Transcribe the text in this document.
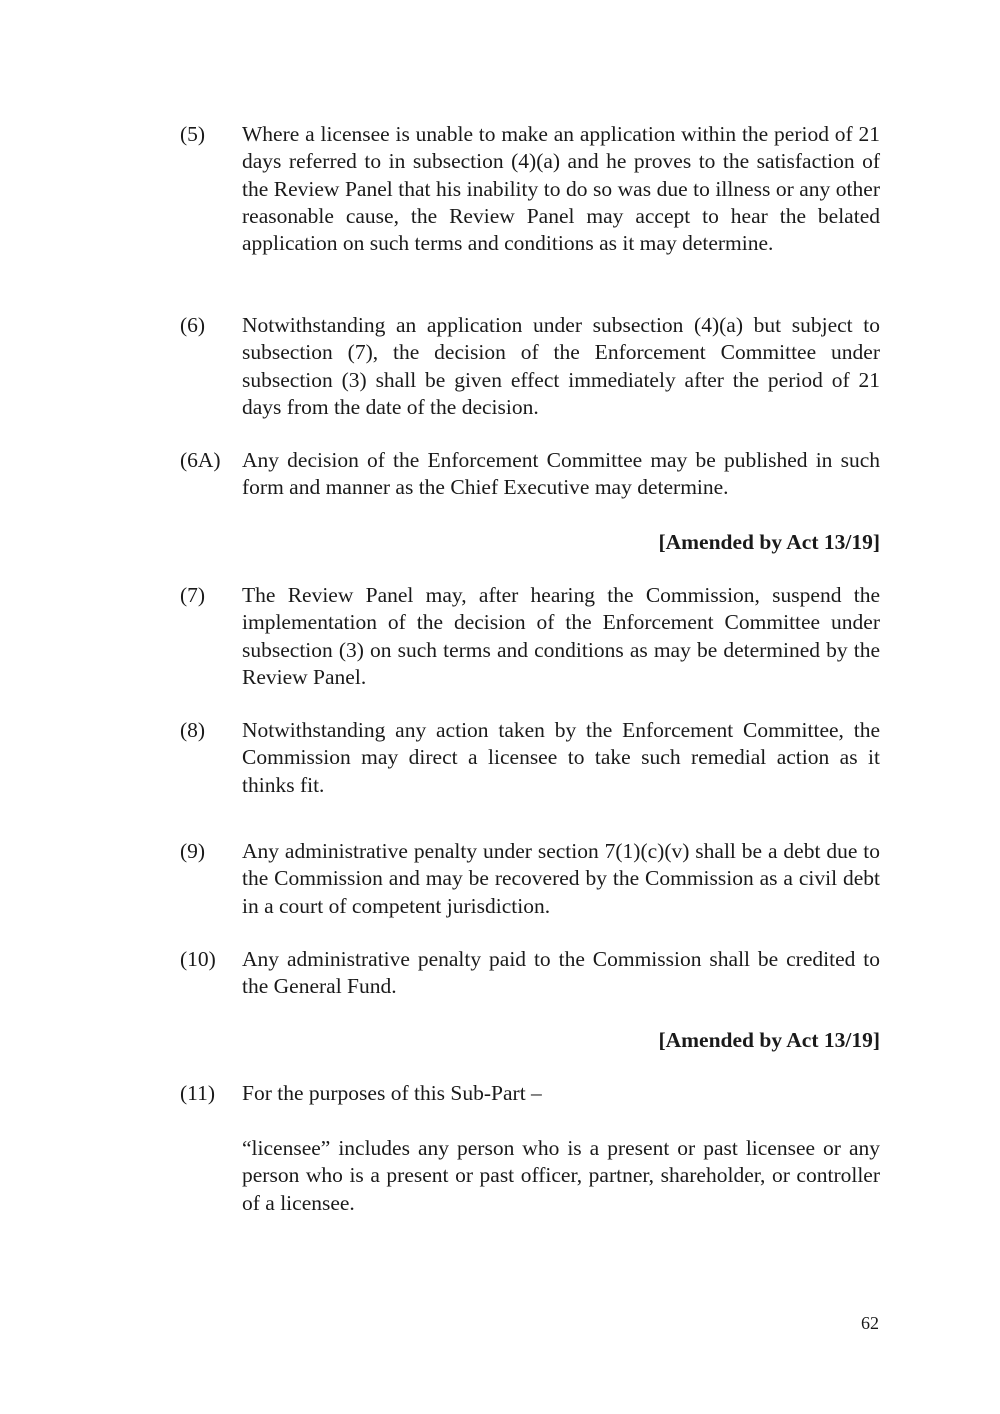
(5)	Where a licensee is unable to make an application within the period of 21 days referred to in subsection (4)(a) and he proves to the satisfaction of the Review Panel that his inability to do so was due to illness or any other reasonable cause, the Review Panel may accept to hear the belated application on such terms and conditions as it may determine.
(6)	Notwithstanding an application under subsection (4)(a) but subject to subsection (7), the decision of the Enforcement Committee under subsection (3) shall be given effect immediately after the period of 21 days from the date of the decision.
(6A) Any decision of the Enforcement Committee may be published in such form and manner as the Chief Executive may determine.
[Amended by Act 13/19]
(7)	The Review Panel may, after hearing the Commission, suspend the implementation of the decision of the Enforcement Committee under subsection (3) on such terms and conditions as may be determined by the Review Panel.
(8)	Notwithstanding any action taken by the Enforcement Committee, the Commission may direct a licensee to take such remedial action as it thinks fit.
(9)	Any administrative penalty under section 7(1)(c)(v) shall be a debt due to the Commission and may be recovered by the Commission as a civil debt in a court of competent jurisdiction.
(10)	Any administrative penalty paid to the Commission shall be credited to the General Fund.
[Amended by Act 13/19]
(11)	For the purposes of this Sub-Part –
“licensee” includes any person who is a present or past licensee or any person who is a present or past officer, partner, shareholder, or controller of a licensee.
62
